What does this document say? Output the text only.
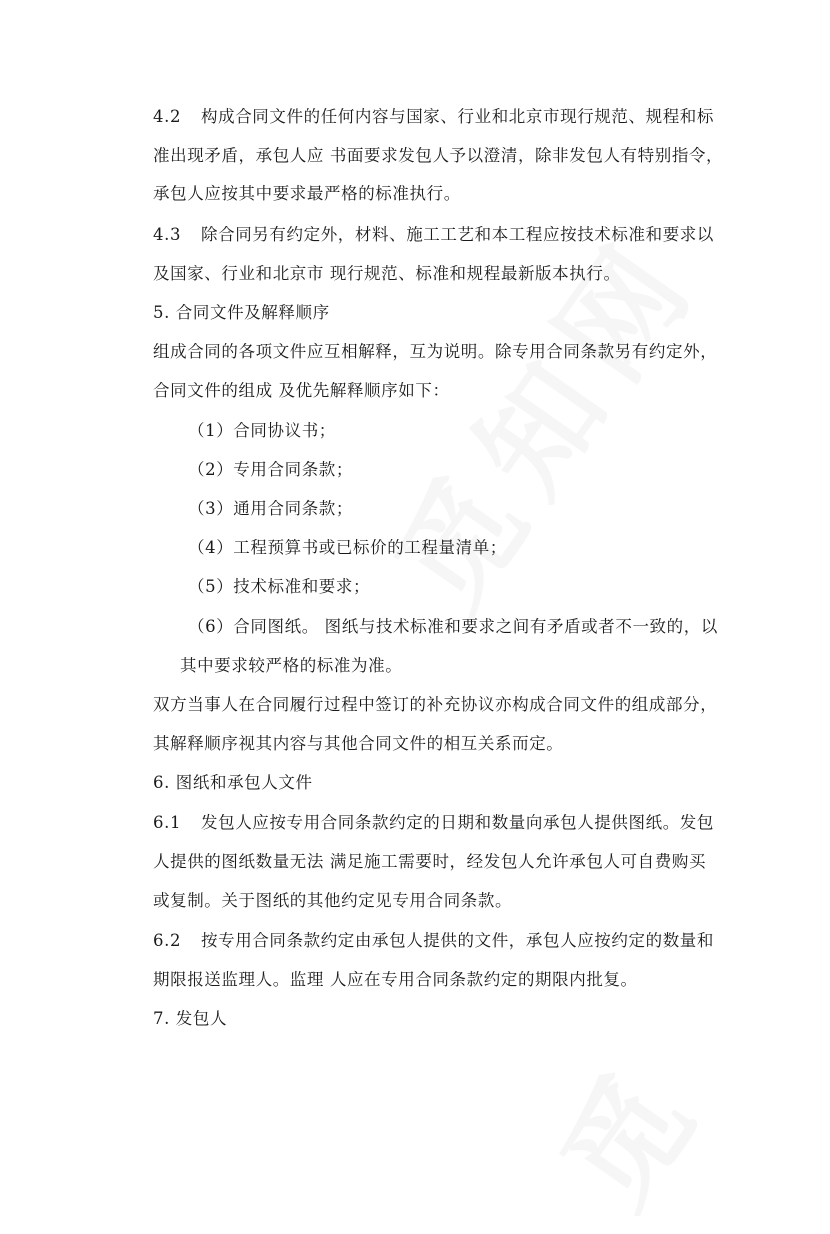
4.2 构成合同文件的任何内容与国家、行业和北京市现行规范、规程和标
准出现矛盾，承包人应 书面要求发包人予以澄清，除非发包人有特别指令，
承包人应按其中要求最严格的标准执行。
4.3 除合同另有约定外，材料、施工工艺和本工程应按技术标准和要求以
及国家、行业和北京市 现行规范、标准和规程最新版本执行。
5. 合同文件及解释顺序
组成合同的各项文件应互相解释，互为说明。除专用合同条款另有约定外，
合同文件的组成 及优先解释顺序如下：
（1）合同协议书；
（2）专用合同条款；
（3）通用合同条款；
（4）工程预算书或已标价的工程量清单；
（5）技术标准和要求；
（6）合同图纸。 图纸与技术标准和要求之间有矛盾或者不一致的，以
其中要求较严格的标准为准。
双方当事人在合同履行过程中签订的补充协议亦构成合同文件的组成部分，
其解释顺序视其内容与其他合同文件的相互关系而定。
6. 图纸和承包人文件
6.1 发包人应按专用合同条款约定的日期和数量向承包人提供图纸。发包
人提供的图纸数量无法 满足施工需要时，经发包人允许承包人可自费购买
或复制。关于图纸的其他约定见专用合同条款。
6.2 按专用合同条款约定由承包人提供的文件，承包人应按约定的数量和
期限报送监理人。监理 人应在专用合同条款约定的期限内批复。
7. 发包人
